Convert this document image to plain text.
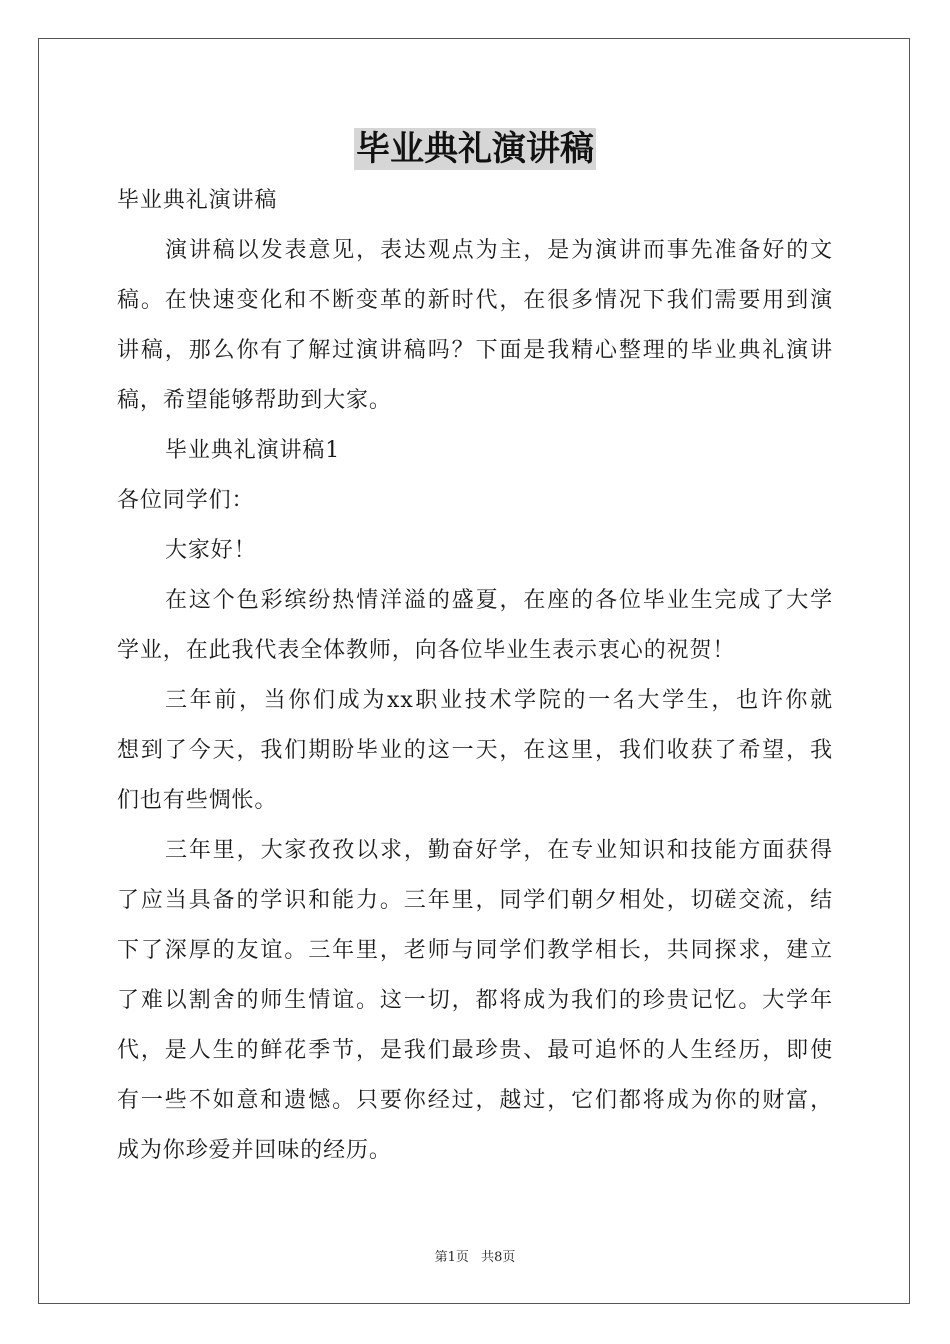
毕业典礼演讲稿
毕业典礼演讲稿
演讲稿以发表意见，表达观点为主，是为演讲而事先准备好的文
稿。在快速变化和不断变革的新时代，在很多情况下我们需要用到演
讲稿，那么你有了解过演讲稿吗？下面是我精心整理的毕业典礼演讲
稿，希望能够帮助到大家。
毕业典礼演讲稿1
各位同学们：
大家好！
在这个色彩缤纷热情洋溢的盛夏，在座的各位毕业生完成了大学
学业，在此我代表全体教师，向各位毕业生表示衷心的祝贺！
三年前，当你们成为xx职业技术学院的一名大学生，也许你就
想到了今天，我们期盼毕业的这一天，在这里，我们收获了希望，我
们也有些惆怅。
三年里，大家孜孜以求，勤奋好学，在专业知识和技能方面获得
了应当具备的学识和能力。三年里，同学们朝夕相处，切磋交流，结
下了深厚的友谊。三年里，老师与同学们教学相长，共同探求，建立
了难以割舍的师生情谊。这一切，都将成为我们的珍贵记忆。大学年
代，是人生的鲜花季节，是我们最珍贵、最可追怀的人生经历，即使
有一些不如意和遗憾。只要你经过，越过，它们都将成为你的财富，
成为你珍爱并回味的经历。
第1页 共8页
